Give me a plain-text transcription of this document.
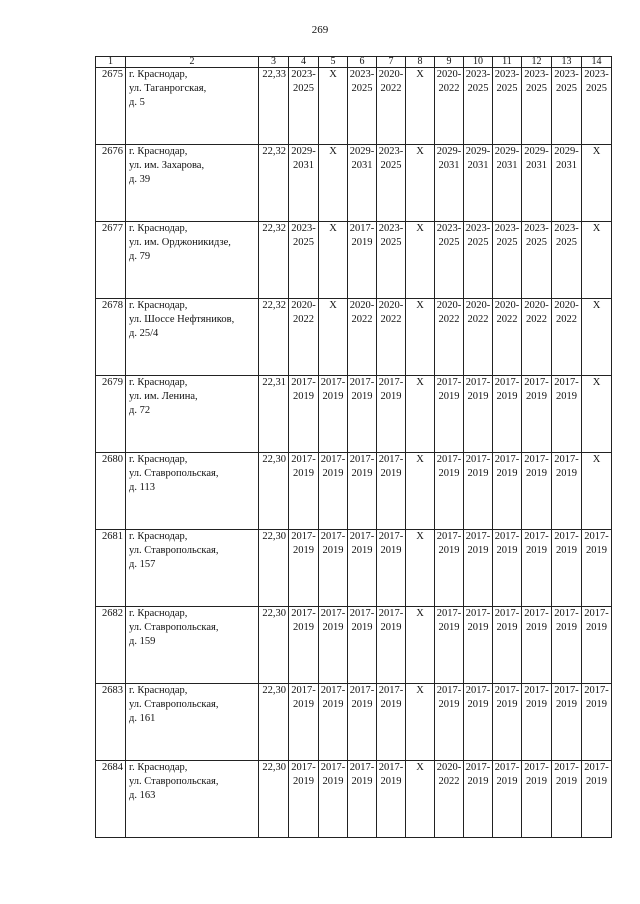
269
1	2	3	4	5	6	7	8	9	10	11	12	13	14
2675	г. Краснодар,
ул. Таганрогская,
д. 5	22,33	2023-
2025	X	2023-
2025	2020-
2022	X	2020-
2022	2023-
2025	2023-
2025	2023-
2025	2023-
2025	2023-
2025

2676	г. Краснодар,
ул. им. Захарова,
д. 39	22,32	2029-
2031	X	2029-
2031	2023-
2025	X	2029-
2031	2029-
2031	2029-
2031	2029-
2031	2029-
2031	X

2677	г. Краснодар,
ул. им. Орджоникидзе,
д. 79	22,32	2023-
2025	X	2017-
2019	2023-
2025	X	2023-
2025	2023-
2025	2023-
2025	2023-
2025	2023-
2025	X

2678	г. Краснодар,
ул. Шоссе Нефтяников,
д. 25/4	22,32	2020-
2022	X	2020-
2022	2020-
2022	X	2020-
2022	2020-
2022	2020-
2022	2020-
2022	2020-
2022	X

2679	г. Краснодар,
ул. им. Ленина,
д. 72	22,31	2017-
2019	2017-
2019	2017-
2019	2017-
2019	X	2017-
2019	2017-
2019	2017-
2019	2017-
2019	2017-
2019	X

2680	г. Краснодар,
ул. Ставропольская,
д. 113	22,30	2017-
2019	2017-
2019	2017-
2019	2017-
2019	X	2017-
2019	2017-
2019	2017-
2019	2017-
2019	2017-
2019	X

2681	г. Краснодар,
ул. Ставропольская,
д. 157	22,30	2017-
2019	2017-
2019	2017-
2019	2017-
2019	X	2017-
2019	2017-
2019	2017-
2019	2017-
2019	2017-
2019	2017-
2019

2682	г. Краснодар,
ул. Ставропольская,
д. 159	22,30	2017-
2019	2017-
2019	2017-
2019	2017-
2019	X	2017-
2019	2017-
2019	2017-
2019	2017-
2019	2017-
2019	2017-
2019

2683	г. Краснодар,
ул. Ставропольская,
д. 161	22,30	2017-
2019	2017-
2019	2017-
2019	2017-
2019	X	2017-
2019	2017-
2019	2017-
2019	2017-
2019	2017-
2019	2017-
2019

2684	г. Краснодар,
ул. Ставропольская,
д. 163	22,30	2017-
2019	2017-
2019	2017-
2019	2017-
2019	X	2020-
2022	2017-
2019	2017-
2019	2017-
2019	2017-
2019	2017-
2019
